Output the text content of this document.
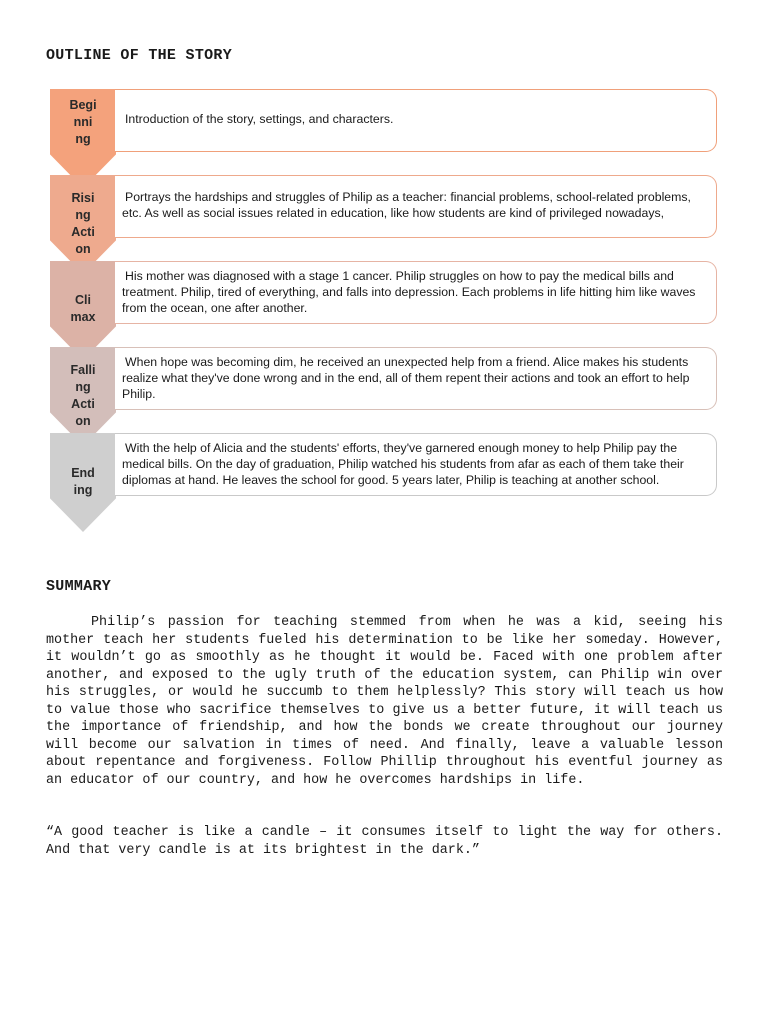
OUTLINE OF THE STORY
Begi
nni
ng
Introduction of the story, settings, and characters.
Risi
ng
Acti
on
Portrays the hardships and struggles of Philip as a teacher: financial problems, school-related problems, etc. As well as social issues related in education, like how students are kind of privileged nowadays,
Cli
max
His mother was diagnosed with a stage 1 cancer. Philip struggles on how to pay the medical bills and treatment. Philip, tired of everything, and falls into depression. Each problems in life hitting him like waves from the ocean, one after another.
Falli
ng
Acti
on
When hope was becoming dim, he received an unexpected help from a friend. Alice makes his students realize what they've done wrong and in the end, all of them repent their actions and took an effort to help Philip.
End
ing
With the help of Alicia and the students' efforts, they've garnered enough money to help Philip pay the medical bills. On the day of graduation, Philip watched his students from afar as each of them take their diplomas at hand. He leaves the school for good. 5 years later, Philip is teaching at another school.
SUMMARY

Philip’s passion for teaching stemmed from when he was a kid, seeing his mother teach her students fueled his determination to be like her someday. However, it wouldn’t go as smoothly as he thought it would be. Faced with one problem after another, and exposed to the ugly truth of the education system, can Philip win over his struggles, or would he succumb to them helplessly? This story will teach us how to value those who sacrifice themselves to give us a better future, it will teach us the importance of friendship, and how the bonds we create throughout our journey will become our salvation in times of need. And finally, leave a valuable lesson about repentance and forgiveness. Follow Phillip throughout his eventful journey as an educator of our country, and how he overcomes hardships in life.

“A good teacher is like a candle – it consumes itself to light the way for others. And that very candle is at its brightest in the dark.”
